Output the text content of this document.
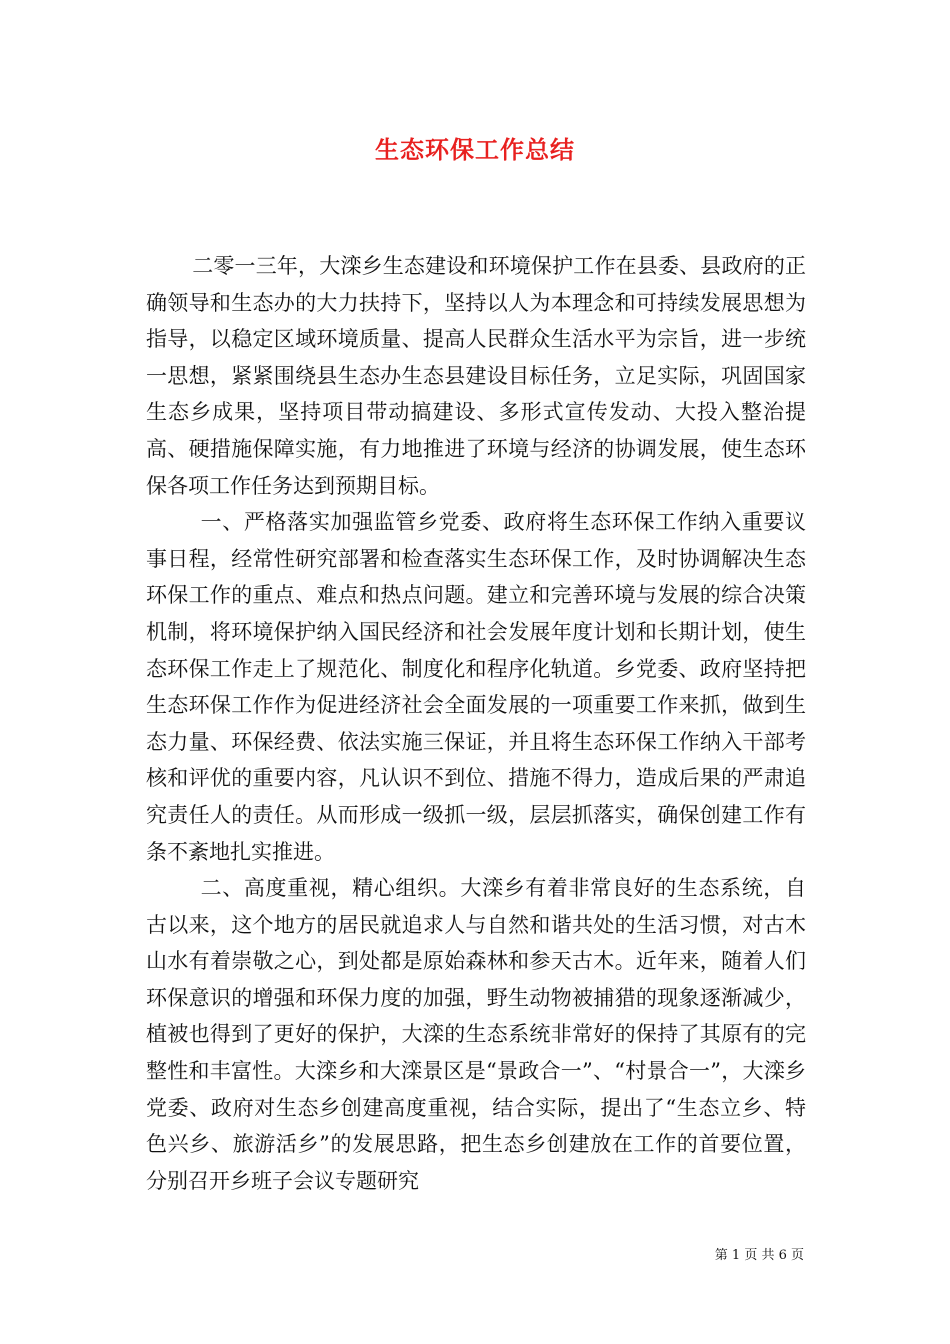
生态环保工作总结

二零一三年，大滦乡生态建设和环境保护工作在县委、县政府的正确领导和生态办的大力扶持下，坚持以人为本理念和可持续发展思想为指导，以稳定区域环境质量、提高人民群众生活水平为宗旨，进一步统一思想，紧紧围绕县生态办生态县建设目标任务，立足实际，巩固国家生态乡成果，坚持项目带动搞建设、多形式宣传发动、大投入整治提高、硬措施保障实施，有力地推进了环境与经济的协调发展，使生态环保各项工作任务达到预期目标。

一、严格落实加强监管乡党委、政府将生态环保工作纳入重要议事日程，经常性研究部署和检查落实生态环保工作，及时协调解决生态环保工作的重点、难点和热点问题。建立和完善环境与发展的综合决策机制，将环境保护纳入国民经济和社会发展年度计划和长期计划，使生态环保工作走上了规范化、制度化和程序化轨道。乡党委、政府坚持把生态环保工作作为促进经济社会全面发展的一项重要工作来抓，做到生态力量、环保经费、依法实施三保证，并且将生态环保工作纳入干部考核和评优的重要内容，凡认识不到位、措施不得力，造成后果的严肃追究责任人的责任。从而形成一级抓一级，层层抓落实，确保创建工作有条不紊地扎实推进。

二、高度重视，精心组织。大滦乡有着非常良好的生态系统，自古以来，这个地方的居民就追求人与自然和谐共处的生活习惯，对古木山水有着崇敬之心，到处都是原始森林和参天古木。近年来，随着人们环保意识的增强和环保力度的加强，野生动物被捕猎的现象逐渐减少，植被也得到了更好的保护，大滦的生态系统非常好的保持了其原有的完整性和丰富性。大滦乡和大滦景区是“景政合一”、“村景合一”，大滦乡党委、政府对生态乡创建高度重视，结合实际，提出了“生态立乡、特色兴乡、旅游活乡”的发展思路，把生态乡创建放在工作的首要位置，分别召开乡班子会议专题研究

第 1 页 共 6 页
